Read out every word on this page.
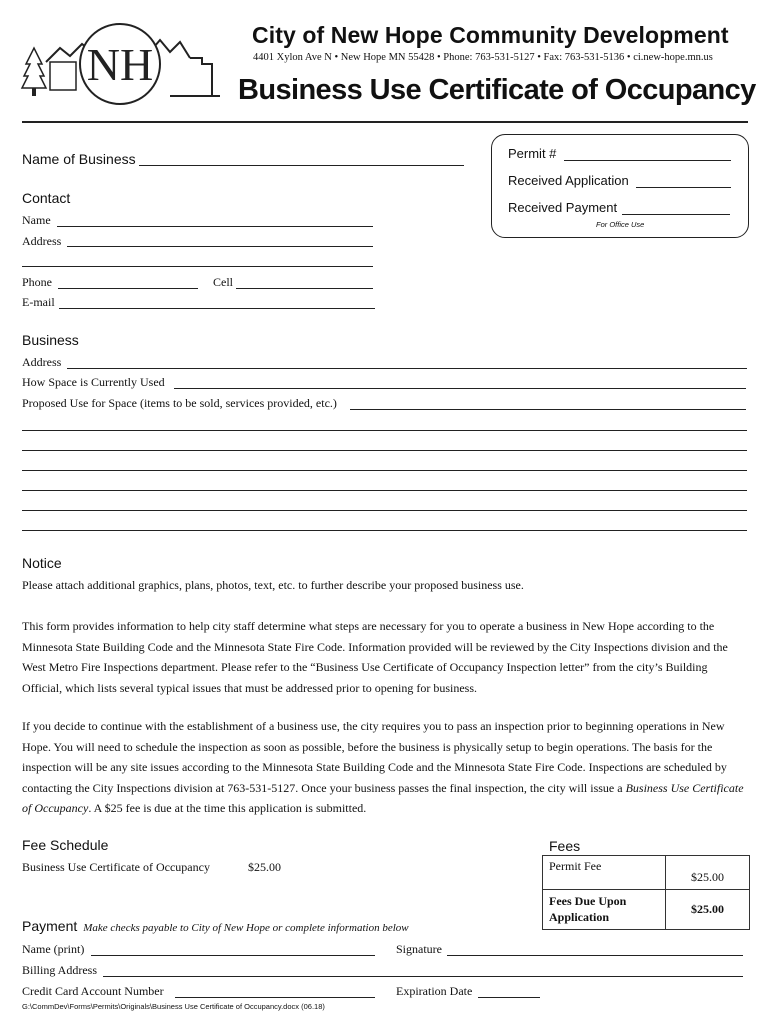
NH
City of New Hope Community Development
4401 Xylon Ave N • New Hope MN 55428 • Phone: 763-531-5127 • Fax: 763-531-5136 • ci.new-hope.mn.us
Business Use Certificate of Occupancy
Permit #
Received Application
Received Payment
For Office Use
Name of Business
Contact
Name
Address
Phone	Cell
E-mail
Business
Address
How Space is Currently Used
Proposed Use for Space (items to be sold, services provided, etc.)
Notice
Please attach additional graphics, plans, photos, text, etc. to further describe your proposed business use.
This form provides information to help city staff determine what steps are necessary for you to operate a business in New Hope according to the Minnesota State Building Code and the Minnesota State Fire Code. Information provided will be reviewed by the City Inspections division and the West Metro Fire Inspections department. Please refer to the “Business Use Certificate of Occupancy Inspection letter” from the city’s Building Official, which lists several typical issues that must be addressed prior to opening for business.
If you decide to continue with the establishment of a business use, the city requires you to pass an inspection prior to beginning operations in New Hope. You will need to schedule the inspection as soon as possible, before the business is physically setup to begin operations. The basis for the inspection will be any site issues according to the Minnesota State Building Code and the Minnesota State Fire Code. Inspections are scheduled by contacting the City Inspections division at 763-531-5127. Once your business passes the final inspection, the city will issue a Business Use Certificate of Occupancy. A $25 fee is due at the time this application is submitted.
Fee Schedule
Business Use Certificate of Occupancy	$25.00
Fees
Permit Fee	$25.00

Fees Due Upon
Application	$25.00
Payment Make checks payable to City of New Hope or complete information below
Name (print)	Signature
Billing Address
Credit Card Account Number	Expiration Date
G:\CommDev\Forms\Permits\Originals\Business Use Certificate of Occupancy.docx (06.18)
